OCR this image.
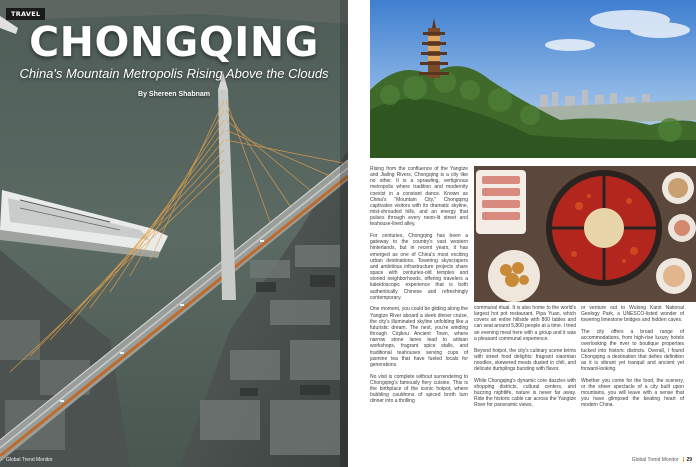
TRAVEL
CHONGQING
China's Mountain Metropolis Rising Above the Clouds
By Shereen Shabnam
Global Trend Monitor

Rising from the confluence of the Yangtze and Jialing Rivers, Chongqing is a city like no other. It is a sprawling, vertiginous metropolis where tradition and modernity coexist in a constant dance. Known as China's "Mountain City," Chongqing captivates visitors with its dramatic skyline, mist-shrouded hills, and an energy that pulses through every neon-lit street and teahouse-lined alley.

For centuries, Chongqing has been a gateway to the country's vast western hinterlands, but in recent years, it has emerged as one of China's most exciting urban destinations. Towering skyscrapers and ambitious infrastructure projects share space with centuries-old temples and storied neighborhoods, offering travelers a kaleidoscopic experience that is both authentically Chinese and refreshingly contemporary.

One moment, you could be gliding along the Yangtze River aboard a sleek dinner cruise, the city's illuminated skyline unfolding like a futuristic dream. The next, you're winding through Ciqikou Ancient Town, where narrow stone lanes lead to artisan workshops, fragrant spice stalls, and traditional teahouses serving cups of jasmine tea that have fueled locals for generations.

No visit is complete without surrendering to Chongqing's famously fiery cuisine. This is the birthplace of the iconic hotpot, where bubbling cauldrons of spiced broth turn dinner into a thrilling

communal ritual. It is also home to the world's largest hot pot restaurant, Pipa Yuan, which covers an entire hillside with 800 tables and can seat around 5,800 people at a time. I tried an evening meal here with a group and it was a pleasant communal experience.

Beyond hotpot, the city's culinary scene brims with street food delights: fragrant xiaomian noodles, skewered meats dusted in chili, and delicate dumplings bursting with flavor.

While Chongqing's dynamic core dazzles with shopping districts, cultural centers, and buzzing nightlife, nature is never far away. Ride the historic cable car across the Yangtze River for panoramic views,

or venture out to Wulong Karst National Geology Park, a UNESCO-listed wonder of towering limestone bridges and hidden caves.

The city offers a broad range of accommodations, from high-rise luxury hotels overlooking the river to boutique properties tucked into historic districts. Overall, I found Chongqing a destination that defies definition as it is vibrant yet tranquil and ancient yet forward-looking.

Whether you come for the food, the scenery, or the sheer spectacle of a city built upon mountains, you will leave with a sense that you have glimpsed the beating heart of modern China.

Global Trend Monitor 29
